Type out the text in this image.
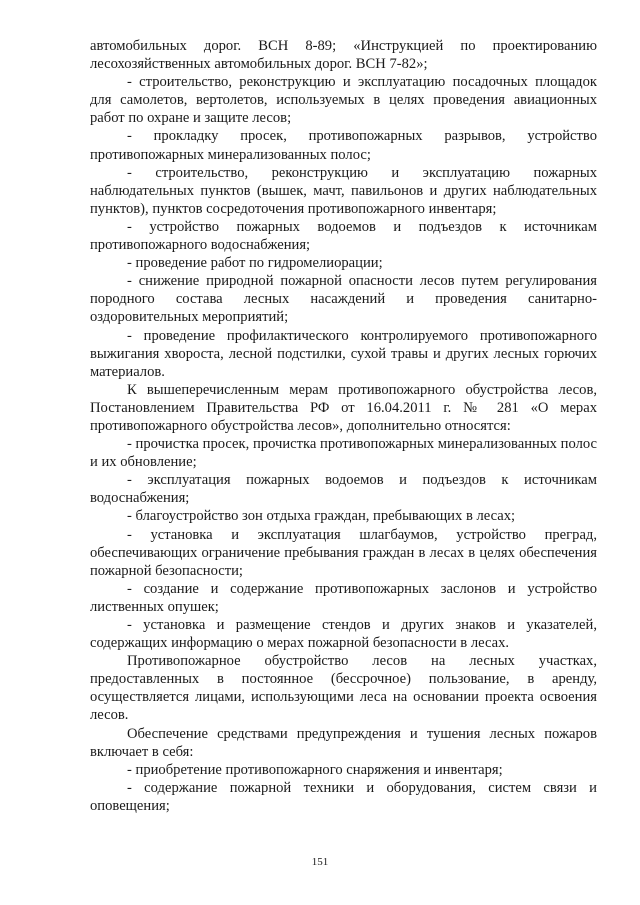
автомобильных дорог. ВСН 8-89; «Инструкцией по проектированию лесохозяйственных автомобильных дорог. ВСН 7-82»;

- строительство, реконструкцию и эксплуатацию посадочных площадок для самолетов, вертолетов, используемых в целях проведения авиационных работ по охране и защите лесов;

- прокладку просек, противопожарных разрывов, устройство противопожарных минерализованных полос;

- строительство, реконструкцию и эксплуатацию пожарных наблюдательных пунктов (вышек, мачт, павильонов и других наблюдательных пунктов), пунктов сосредоточения противопожарного инвентаря;

- устройство пожарных водоемов и подъездов к источникам противопожарного водоснабжения;

- проведение работ по гидромелиорации;

- снижение природной пожарной опасности лесов путем регулирования породного состава лесных насаждений и проведения санитарно-оздоровительных мероприятий;

- проведение профилактического контролируемого противопожарного выжигания хвороста, лесной подстилки, сухой травы и других лесных горючих материалов.

К вышеперечисленным мерам противопожарного обустройства лесов, Постановлением Правительства РФ от 16.04.2011 г. № 281 «О мерах противопожарного обустройства лесов», дополнительно относятся:

- прочистка просек, прочистка противопожарных минерализованных полос и их обновление;

- эксплуатация пожарных водоемов и подъездов к источникам водоснабжения;

- благоустройство зон отдыха граждан, пребывающих в лесах;

- установка и эксплуатация шлагбаумов, устройство преград, обеспечивающих ограничение пребывания граждан в лесах в целях обеспечения пожарной безопасности;

- создание и содержание противопожарных заслонов и устройство лиственных опушек;

- установка и размещение стендов и других знаков и указателей, содержащих информацию о мерах пожарной безопасности в лесах.

Противопожарное обустройство лесов на лесных участках, предоставленных в постоянное (бессрочное) пользование, в аренду, осуществляется лицами, использующими леса на основании проекта освоения лесов.

Обеспечение средствами предупреждения и тушения лесных пожаров включает в себя:

- приобретение противопожарного снаряжения и инвентаря;

- содержание пожарной техники и оборудования, систем связи и оповещения;

151
